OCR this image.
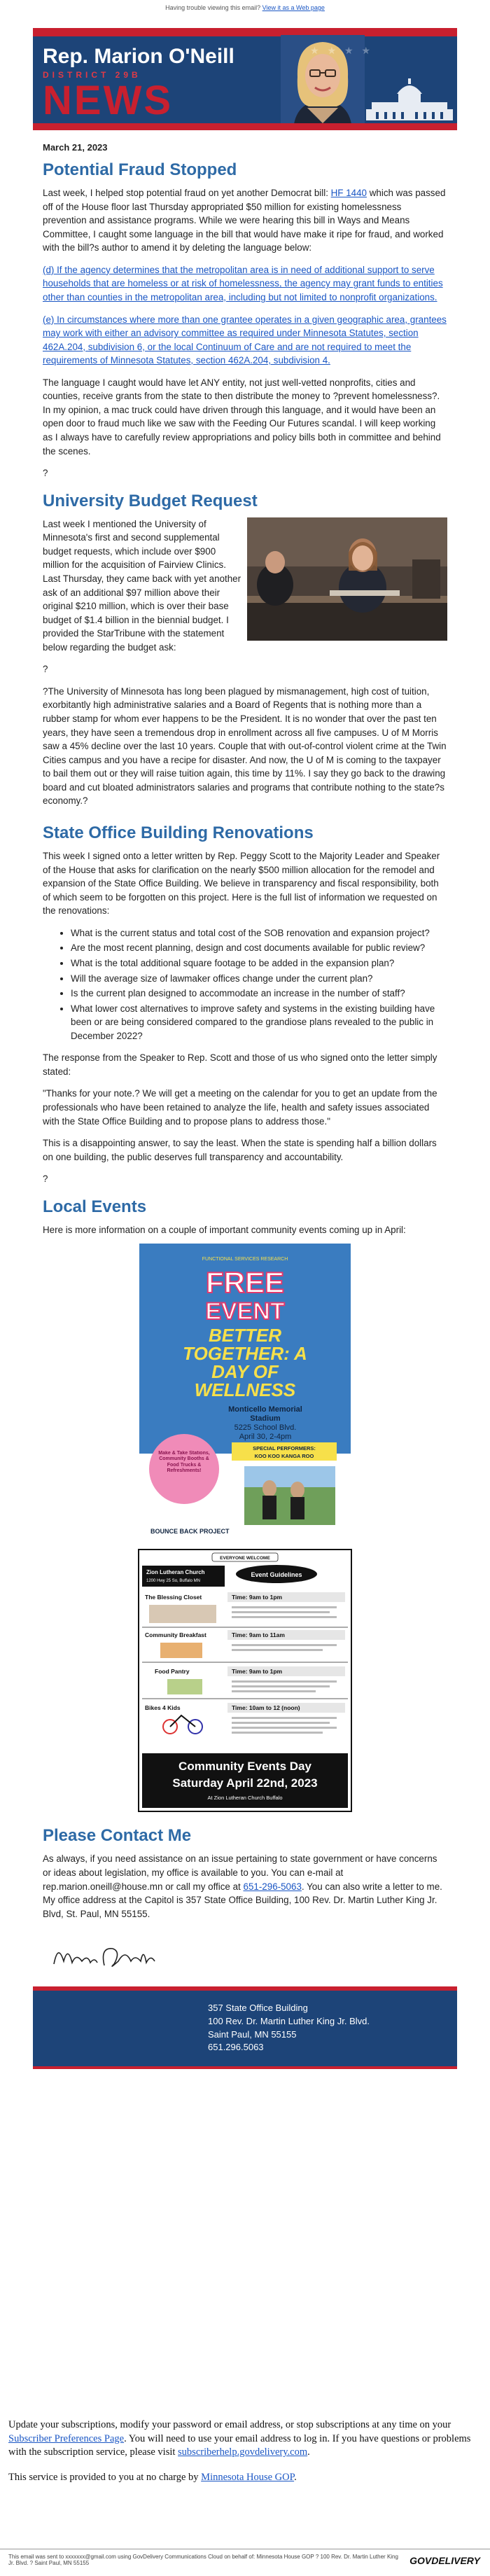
Having trouble viewing this email? View it as a Web page
Rep. Marion O'Neill
DISTRICT 29B
NEWS
★ ★ ★ ★
March 21, 2023
Potential Fraud Stopped

Last week, I helped stop potential fraud on yet another Democrat bill: HF 1440 which was passed off of the House floor last Thursday appropriated $50 million for existing homelessness prevention and assistance programs. While we were hearing this bill in Ways and Means Committee, I caught some language in the bill that would have make it ripe for fraud, and worked with the bill?s author to amend it by deleting the language below:

(d) If the agency determines that the metropolitan area is in need of additional support to serve households that are homeless or at risk of homelessness, the agency may grant funds to entities other than counties in the metropolitan area, including but not limited to nonprofit organizations.

(e) In circumstances where more than one grantee operates in a given geographic area, grantees may work with either an advisory committee as required under Minnesota Statutes, section 462A.204, subdivision 6, or the local Continuum of Care and are not required to meet the requirements of Minnesota Statutes, section 462A.204, subdivision 4.

The language I caught would have let ANY entity, not just well-vetted nonprofits, cities and counties, receive grants from the state to then distribute the money to ?prevent homelessness?. In my opinion, a mac truck could have driven through this language, and it would have been an open door to fraud much like we saw with the Feeding Our Futures scandal. I will keep working as I always have to carefully review appropriations and policy bills both in committee and behind the scenes.

?

University Budget Request

Last week I mentioned the University of Minnesota's first and second supplemental budget requests, which include over $900 million for the acquisition of Fairview Clinics. Last Thursday, they came back with yet another ask of an additional $97 million above their original $210 million, which is over their base budget of $1.4 billion in the biennial budget. I provided the StarTribune with the statement below regarding the budget ask:

?

?The University of Minnesota has long been plagued by mismanagement, high cost of tuition, exorbitantly high administrative salaries and a Board of Regents that is nothing more than a rubber stamp for whom ever happens to be the President. It is no wonder that over the past ten years, they have seen a tremendous drop in enrollment across all five campuses. U of M Morris saw a 45% decline over the last 10 years. Couple that with out-of-control violent crime at the Twin Cities campus and you have a recipe for disaster. And now, the U of M is coming to the taxpayer to bail them out or they will raise tuition again, this time by 11%. I say they go back to the drawing board and cut bloated administrators salaries and programs that contribute nothing to the state?s economy.?

State Office Building Renovations

This week I signed onto a letter written by Rep. Peggy Scott to the Majority Leader and Speaker of the House that asks for clarification on the nearly $500 million allocation for the remodel and expansion of the State Office Building. We believe in transparency and fiscal responsibility, both of which seem to be forgotten on this project. Here is the full list of information we requested on the renovations:

• What is the current status and total cost of the SOB renovation and expansion project?
• Are the most recent planning, design and cost documents available for public review?
• What is the total additional square footage to be added in the expansion plan?
• Will the average size of lawmaker offices change under the current plan?
• Is the current plan designed to accommodate an increase in the number of staff?
• What lower cost alternatives to improve safety and systems in the existing building have been or are being considered compared to the grandiose plans revealed to the public in December 2022?

The response from the Speaker to Rep. Scott and those of us who signed onto the letter simply stated:

"Thanks for your note.? We will get a meeting on the calendar for you to get an update from the professionals who have been retained to analyze the life, health and safety issues associated with the State Office Building and to propose plans to address those."

This is a disappointing answer, to say the least. When the state is spending half a billion dollars on one building, the public deserves full transparency and accountability.

?

Local Events

Here is more information on a couple of important community events coming up in April:

FUNCTIONAL SERVICES RESEARCH
FREE
EVENT
BETTER
TOGETHER: A
DAY OF
WELLNESS
Monticello Memorial
Stadium
5225 School Blvd.
April 30, 2-4pm
SPECIAL PERFORMERS:
KOO KOO KANGA ROO
Make & Take Stations, Community Booths & Food Trucks & Refreshments!
BOUNCE BACK PROJECT
EVERYONE WELCOME
Zion Lutheran Church
1200 Hwy 25 So, Buffalo MN
Event Guidelines
The Blessing Closet	Time: 9am to 1pm
Community Breakfast	Time: 9am to 11am
Food Pantry	Time: 9am to 1pm
Bikes 4 Kids	Time: 10am to 12 (noon)
Community Events Day
Saturday April 22nd, 2023
At Zion Lutheran Church Buffalo
Please Contact Me

As always, if you need assistance on an issue pertaining to state government or have concerns or ideas about legislation, my office is available to you. You can e-mail at rep.marion.oneill@house.mn or call my office at 651-296-5063. You can also write a letter to me. My office address at the Capitol is 357 State Office Building, 100 Rev. Dr. Martin Luther King Jr. Blvd, St. Paul, MN 55155.

Marion O'Neill
357 State Office Building
100 Rev. Dr. Martin Luther King Jr. Blvd.
Saint Paul, MN 55155
651.296.5063

Update your subscriptions, modify your password or email address, or stop subscriptions at any time on your Subscriber Preferences Page. You will need to use your email address to log in. If you have questions or problems with the subscription service, please visit subscriberhelp.govdelivery.com.

This service is provided to you at no charge by Minnesota House GOP.

This email was sent to xxxxxxx@gmail.com using GovDelivery Communications Cloud on behalf of: Minnesota House GOP ? 100 Rev. Dr. Martin Luther King Jr. Blvd. ? Saint Paul, MN 55155	GOVDELIVERY
